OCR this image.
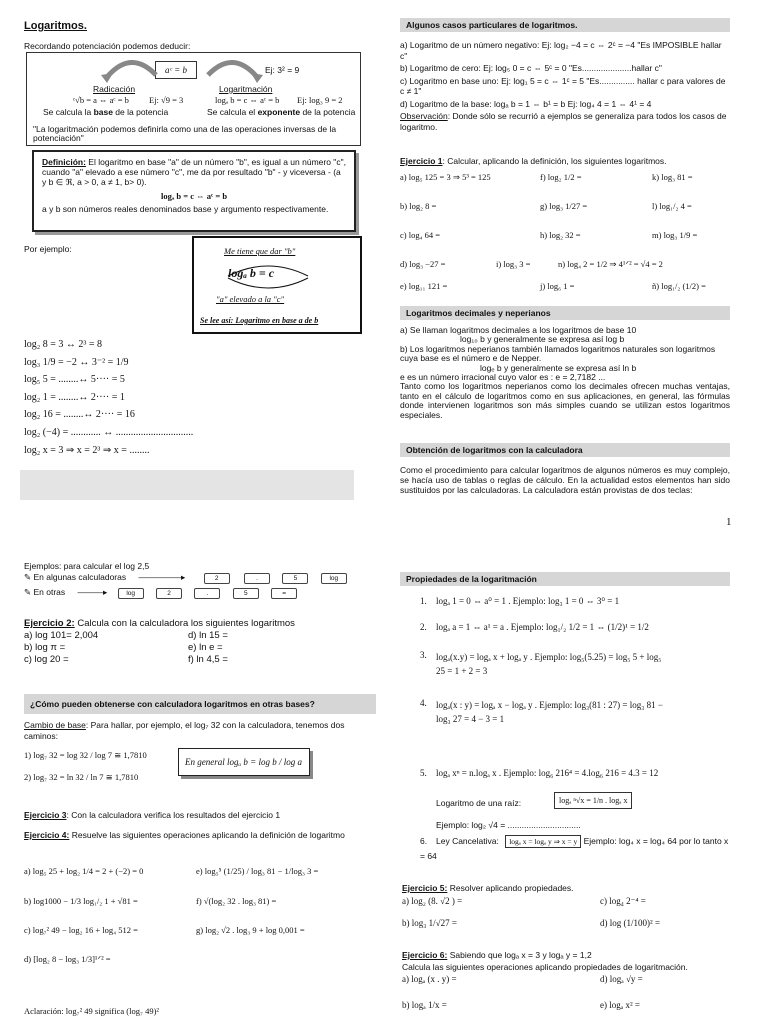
Logaritmos.
Recordando potenciación podemos deducir:
aᶜ = b	Ej: 3² = 9
Radicación	Logaritmación
ᶜ√b = a ⇔ aᶜ = b Ej: √9 = 3	logₐ b = c ⇔ aᶜ = b Ej: log₃ 9 = 2
Se calcula la base de la potencia	Se calcula el exponente de la potencia
"La logaritmación podemos definirla como una de las operaciones inversas de la potenciación"
Definición: El logaritmo en base "a" de un número "b", es igual a un número "c", cuando "a" elevado a ese número "c", me da por resultado "b" - y viceversa - (a y b ∈ ℜ, a > 0, a ≠ 1, b> 0).
logₐ b = c ⇔ aᶜ = b
a y b son números reales denominados base y argumento respectivamente.
Por ejemplo:	Me tiene que dar "b"
logₐ b = c
"a" elevado a la "c"
Se lee así: Logaritmo en base a de b
log₂ 8 = 3 ↔ 2³ = 8
log₃ 1/9 = −2 ↔ 3⁻² = 1/9
log₅ 5 = ........↔ 5···· = 5
log₂ 1 = ........↔ 2···· = 1
log₂ 16 = ........↔ 2···· = 16
log₂ (−4) = ............ ↔ ...............................
log₂ x = 3 ⇒ x = 2³ ⇒ x = ........
Algunos casos particulares de logaritmos.
a) Logaritmo de un número negativo: Ej: log₂ −4 = c ⇔ 2ᶜ = −4 "Es IMPOSIBLE hallar c"
b) Logaritmo de cero: Ej: log₅ 0 = c ⇔ 5ᶜ = 0 "Es.....................hallar c"
c) Logaritmo en base uno: Ej: log₁ 5 = c ⇔ 1ᶜ = 5 "Es............... hallar c para valores de c ≠ 1"
d) Logaritmo de la base: logₐ b = 1 ⇔ b¹ = b Ej: log₄ 4 = 1 ⇔ 4¹ = 4
Observación: Donde sólo se recurrió a ejemplos se generaliza para todos los casos de logaritmo.
Ejercicio 1: Calcular, aplicando la definición, los siguientes logaritmos.
a) log₅ 125 = 3 ⇒ 5³ = 125	f) log₂ 1/2 =	k) log₃ 81 =
b) log₂ 8 =	g) log₃ 1/27 =	l) log₁/₂ 4 =
c) log₄ 64 =	h) log₂ 32 =	m) log₃ 1/9 =
d) log₃ −27 =	i) log₃ 3 =	n) log₄ 2 = 1/2 ⇒ 4¹ᐟ² = √4 = 2
e) log₁₁ 121 =	j) log₆ 1 =	ñ) log₁/₂ (1/2) =
Logaritmos decimales y neperianos
a) Se llaman logaritmos decimales a los logaritmos de base 10
log₁₀ b y generalmente se expresa así log b
b) Los logaritmos neperianos también llamados logaritmos naturales son logaritmos cuya base es el número e de Nepper.
logₑ b y generalmente se expresa así ln b
e es un número irracional cuyo valor es : e = 2,7182 ...
Tanto como los logaritmos neperianos como los decimales ofrecen muchas ventajas, tanto en el cálculo de logaritmos como en sus aplicaciones, en general, las fórmulas donde intervienen logaritmos son más simples cuando se utilizan estos logaritmos especiales.
Obtención de logaritmos con la calculadora
Como el procedimiento para calcular logaritmos de algunos números es muy complejo, se hacía uso de tablas o reglas de cálculo. En la actualidad estos elementos han sido sustituidos por las calculadoras. La calculadora están provistas de dos teclas:
1
Ejemplos: para calcular el log 2,5
✎ En algunas calculadoras —————▸	2	.	5	log
✎ En otras ———▸	log	2	.	5	=
Ejercicio 2: Calcula con la calculadora los siguientes logaritmos
a) log 101= 2,004	d) ln 15 =
b) log π =	e) ln e =
c) log 20 =	f) ln 4,5 =
¿Cómo pueden obtenerse con calculadora logaritmos en otras bases?
Cambio de base: Para hallar, por ejemplo, el log₇ 32 con la calculadora, tenemos dos caminos:
1) log₇ 32 = log 32 / log 7 ≅ 1,7810
2) log₇ 32 = ln 32 / ln 7 ≅ 1,7810
En general logₐ b = log b / log a
Ejercicio 3: Con la calculadora verifica los resultados del ejercicio 1
Ejercicio 4: Resuelve las siguientes operaciones aplicando la definición de logaritmo
a) log₅ 25 + log₂ 1/4 = 2 + (−2) = 0	e) log₅⁵ (1/25) / log₃ 81 − 1/log₃ 3 =
b) log1000 − 1/3 log₁/₂ 1 + √81 =	f) √(log₂ 32 . log₃ 81) =
c) log₇² 49 − log₂ 16 + log₄ 512 =	g) log₂ √2 . log₃ 9 + log 0,001 =
d) [log₂ 8 − log₃ 1/3]¹ᐟ² =
Aclaración: log₇² 49 significa (log₇ 49)²
Propiedades de la logaritmación
1.	logₐ 1 = 0 ⇔ a⁰ = 1 . Ejemplo: log₃ 1 = 0 ⇔ 3⁰ = 1
2.	logₐ a = 1 ⇔ a¹ = a . Ejemplo: log₁/₂ 1/2 = 1 ⇔ (1/2)¹ = 1/2
3.	logₐ(x.y) = logₐ x + logₐ y . Ejemplo: log₅(5.25) = log₅ 5 + log₅ 25 = 1 + 2 = 3
4.	logₐ(x : y) = logₐ x − logₐ y . Ejemplo: log₃(81 : 27) = log₃ 81 − log₃ 27 = 4 − 3 = 1
5.	logₐ xⁿ = n.logₐ x . Ejemplo: log₆ 216⁴ = 4.log₆ 216 = 4.3 = 12
Logaritmo de una raíz:	logₐ ⁿ√x = 1/n . logₐ x
Ejemplo: log₂ √4 = ...............................
6. Ley Cancelativa: logₐ x = logₐ y ⇒ x = y Ejemplo: log₄ x = log₄ 64 por lo tanto x = 64
Ejercicio 5: Resolver aplicando propiedades.
a) log₂ (8. √2 ) =	c) log₄ 2⁻⁴ =
b) log₃ 1/√27 =	d) log (1/100)² =
Ejercicio 6: Sabiendo que logₐ x = 3 y logₐ y = 1,2
Calcula las siguientes operaciones aplicando propiedades de logaritmación.
a) logₐ (x . y) =	d) logₐ √y =
b) logₐ 1/x =	e) logₐ x² =
